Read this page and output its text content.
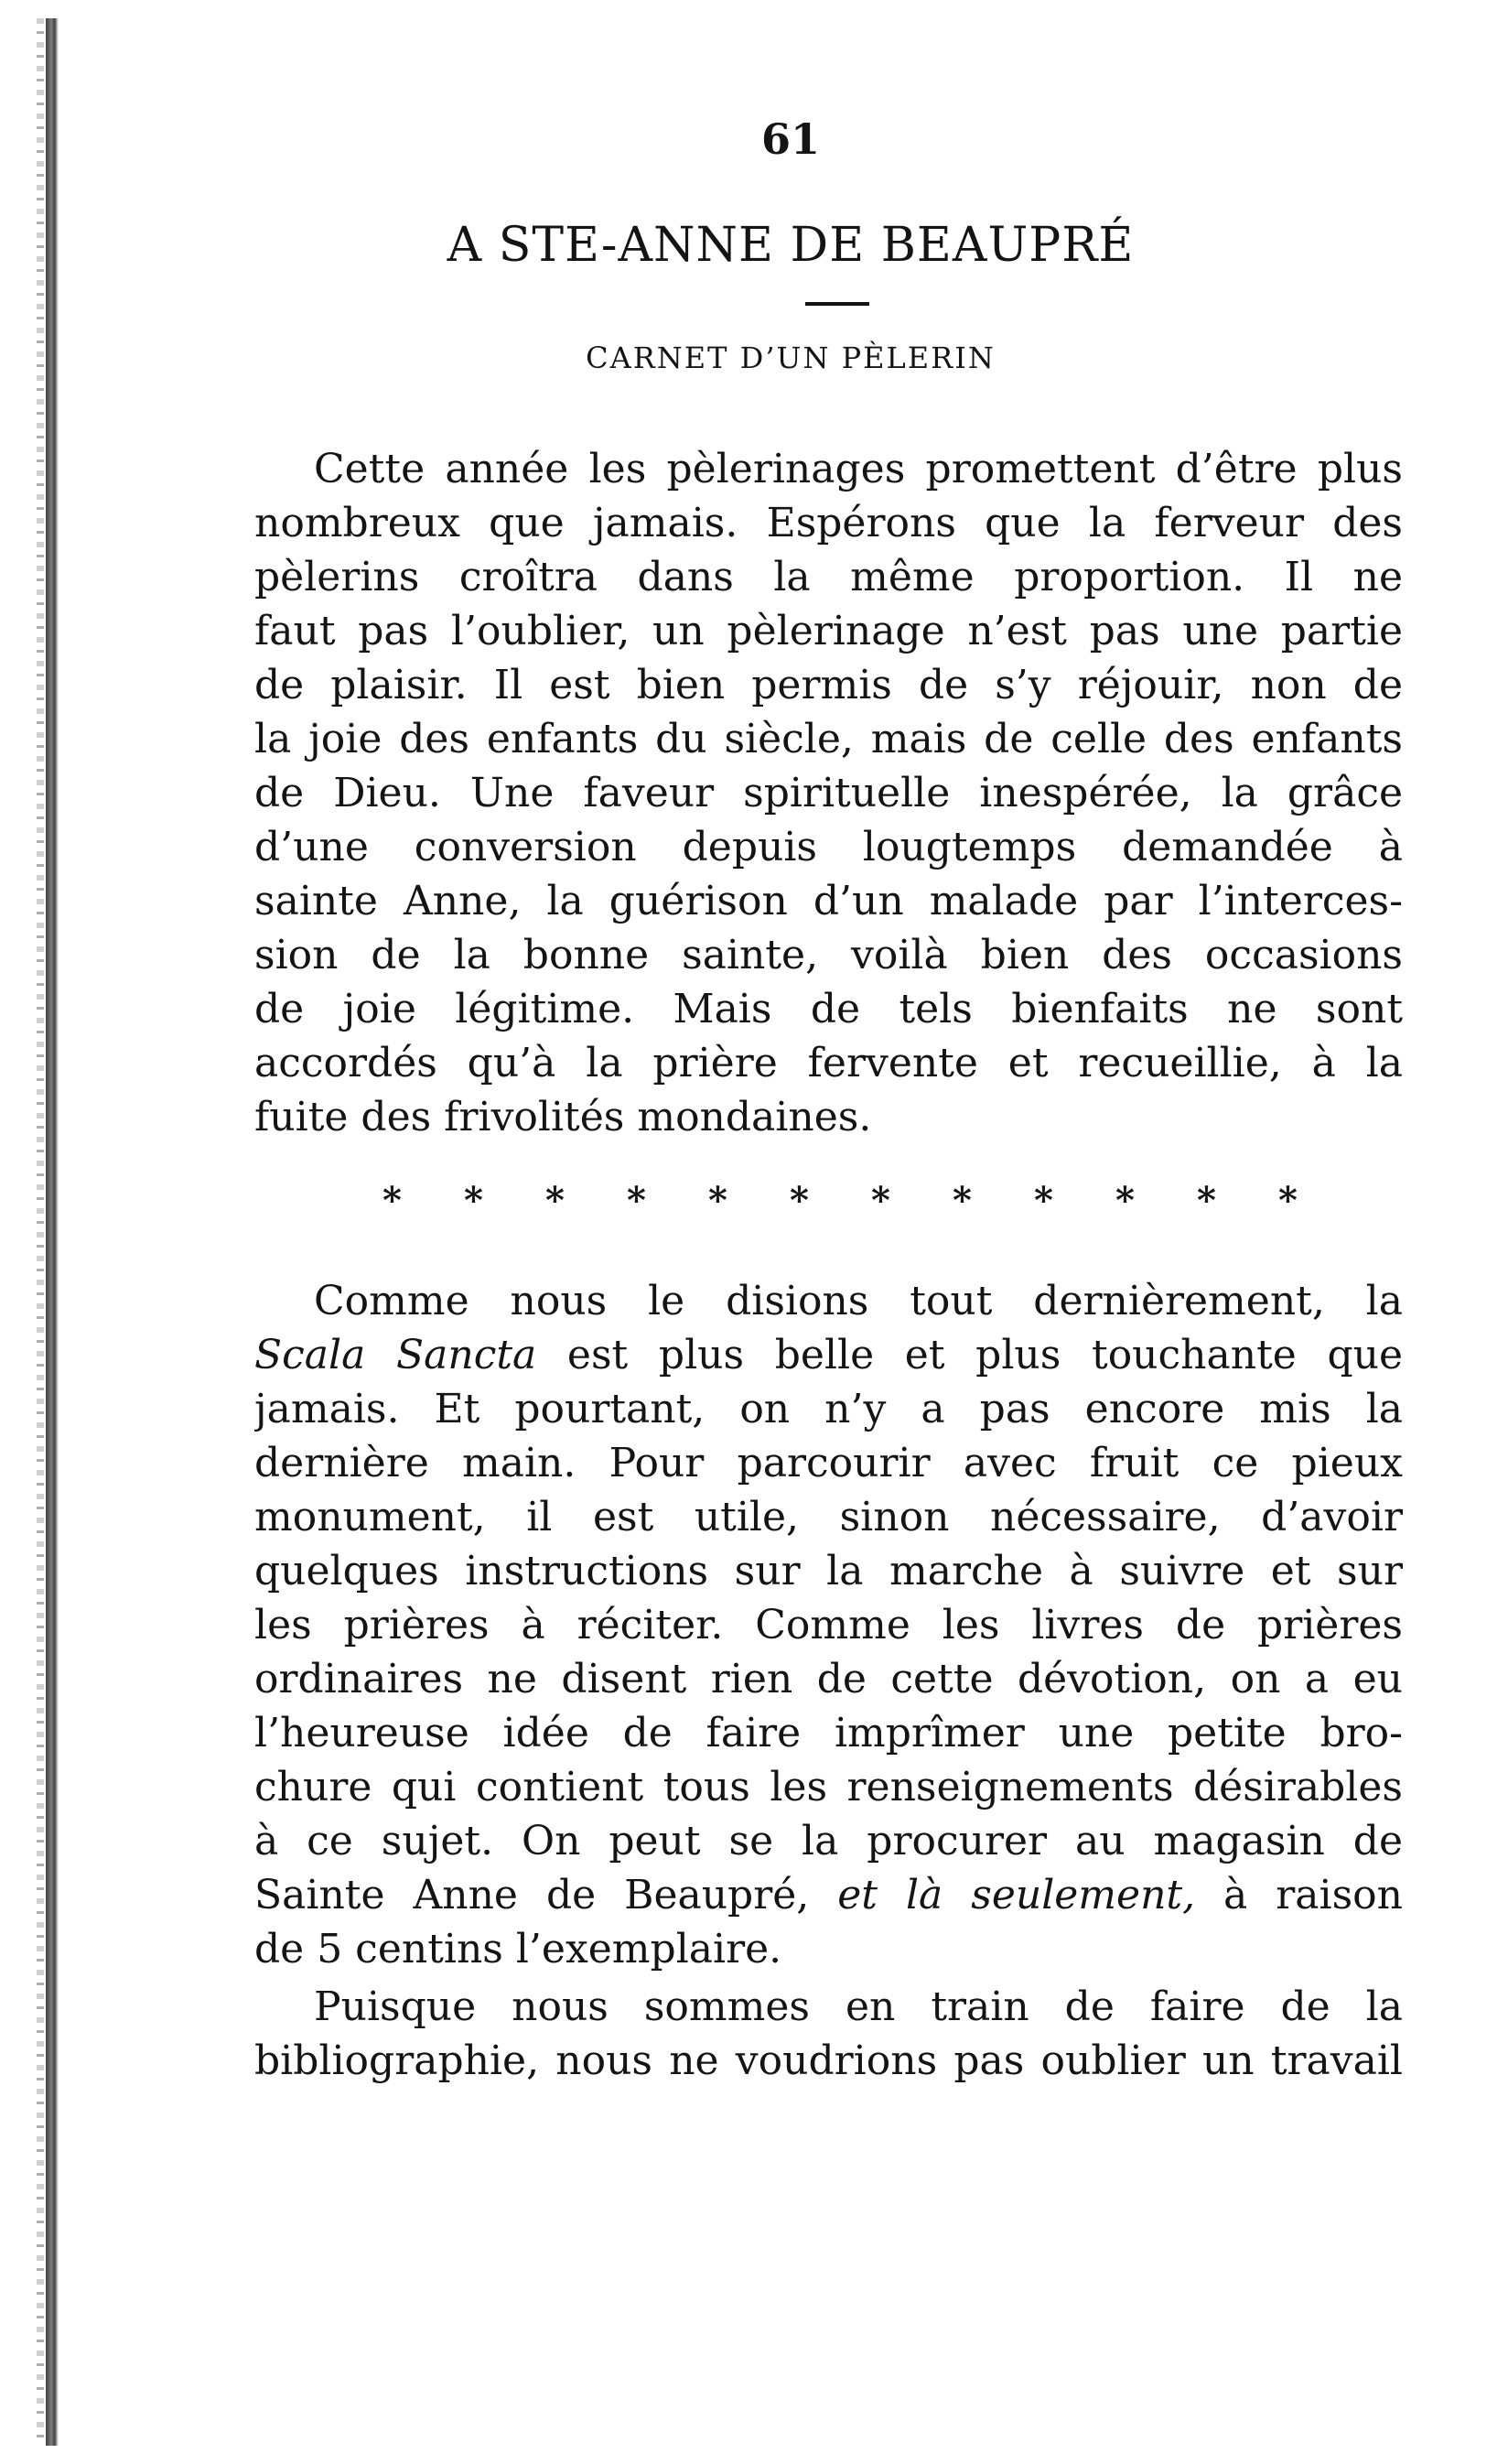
61
A STE-ANNE DE BEAUPRÉ
CARNET D’UN PÈLERIN
Cette année les pèlerinages promettent d’être plus
nombreux que jamais. Espérons que la ferveur des
pèlerins croîtra dans la même proportion. Il ne
faut pas l’oublier, un pèlerinage n’est pas une partie
de plaisir. Il est bien permis de s’y réjouir, non de
la joie des enfants du siècle, mais de celle des enfants
de Dieu. Une faveur spirituelle inespérée, la grâce
d’une conversion depuis lougtemps demandée à
sainte Anne, la guérison d’un malade par l’interces-
sion de la bonne sainte, voilà bien des occasions
de joie légitime. Mais de tels bienfaits ne sont
accordés qu’à la prière fervente et recueillie, à la
fuite des frivolités mondaines.
* * * * * * * * * * * *
Comme nous le disions tout dernièrement, la
Scala Sancta est plus belle et plus touchante que
jamais. Et pourtant, on n’y a pas encore mis la
dernière main. Pour parcourir avec fruit ce pieux
monument, il est utile, sinon nécessaire, d’avoir
quelques instructions sur la marche à suivre et sur
les prières à réciter. Comme les livres de prières
ordinaires ne disent rien de cette dévotion, on a eu
l’heureuse idée de faire imprîmer une petite bro-
chure qui contient tous les renseignements désirables
à ce sujet. On peut se la procurer au magasin de
Sainte Anne de Beaupré, et là seulement, à raison
de 5 centins l’exemplaire.
Puisque nous sommes en train de faire de la
bibliographie, nous ne voudrions pas oublier un travail
